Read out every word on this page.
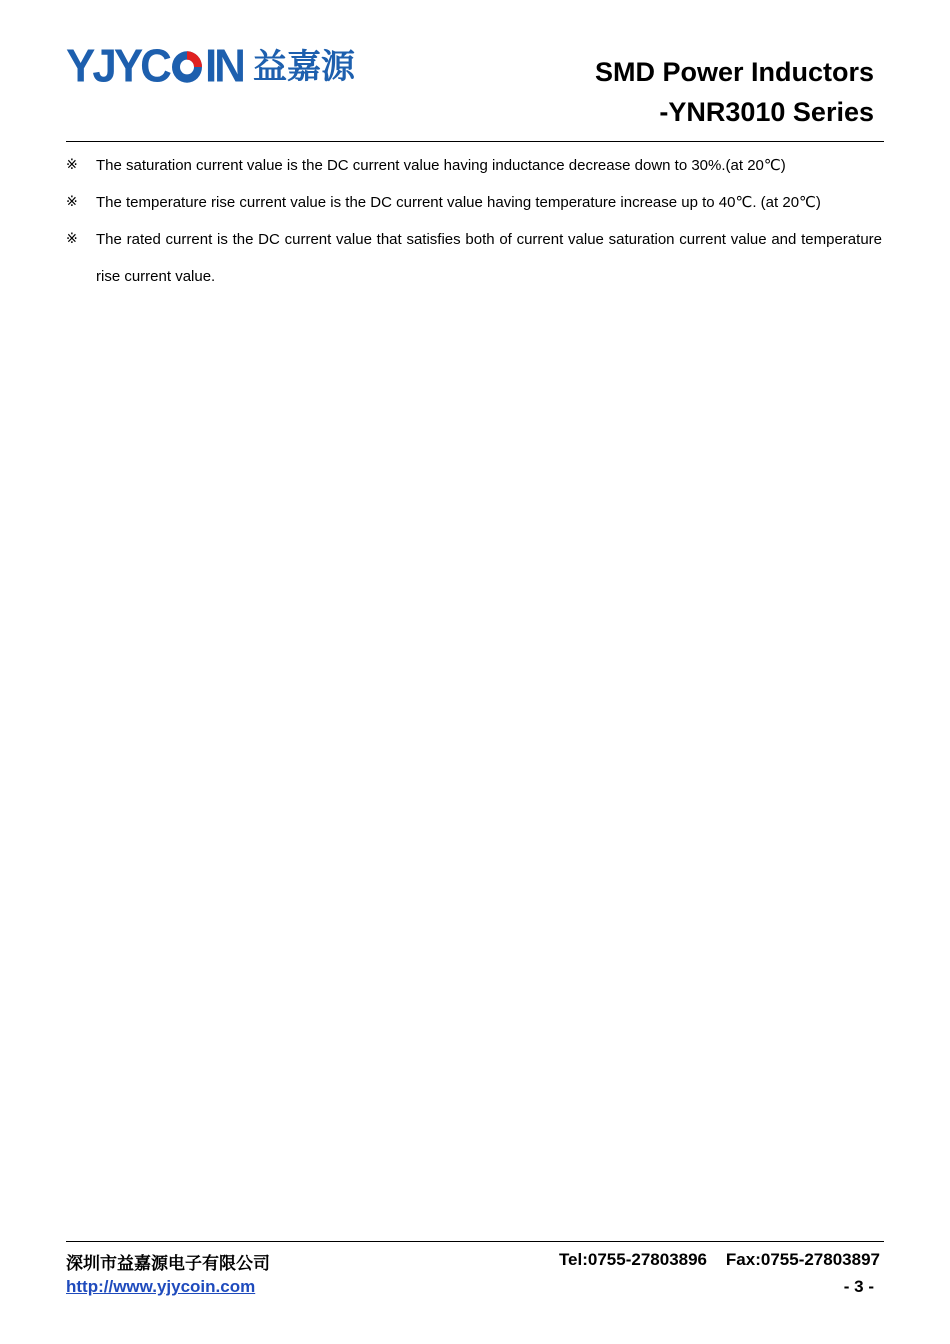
YJYC IN 益嘉源	SMD Power Inductors
-YNR3010 Series
※	The saturation current value is the DC current value having inductance decrease down to 30%.(at 20℃)
※	The temperature rise current value is the DC current value having temperature increase up to 40℃. (at 20℃)
※	The rated current is the DC current value that satisfies both of current value saturation current value and temperature rise current value.
深圳市益嘉源电子有限公司	Tel:0755-27803896 Fax:0755-27803897
http://www.yjycoin.com	- 3 -
